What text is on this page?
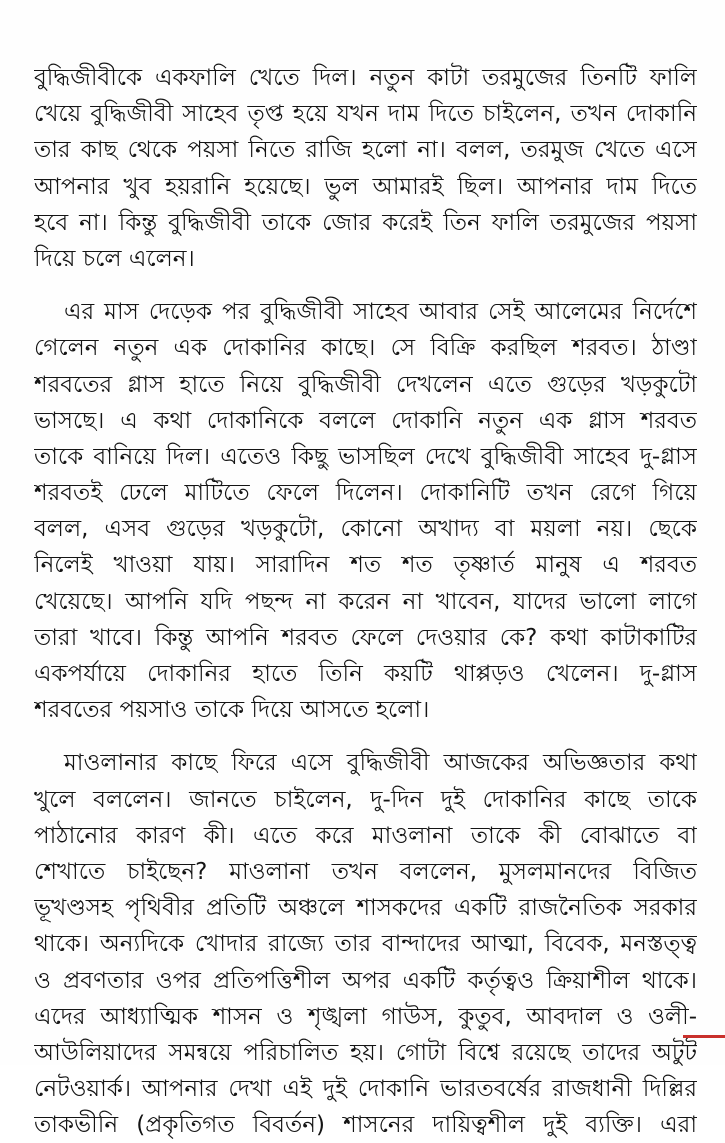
বুদ্ধিজীবীকে একফালি খেতে দিল। নতুন কাটা তরমুজের তিনটি ফালি
খেয়ে বুদ্ধিজীবী সাহেব তৃপ্ত হয়ে যখন দাম দিতে চাইলেন, তখন দোকানি
তার কাছ থেকে পয়সা নিতে রাজি হলো না। বলল, তরমুজ খেতে এসে
আপনার খুব হয়রানি হয়েছে। ভুল আমারই ছিল। আপনার দাম দিতে
হবে না। কিন্তু বুদ্ধিজীবী তাকে জোর করেই তিন ফালি তরমুজের পয়সা
দিয়ে চলে এলেন।
এর মাস দেড়েক পর বুদ্ধিজীবী সাহেব আবার সেই আলেমের নির্দেশে
গেলেন নতুন এক দোকানির কাছে। সে বিক্রি করছিল শরবত। ঠাণ্ডা
শরবতের গ্লাস হাতে নিয়ে বুদ্ধিজীবী দেখলেন এতে গুড়ের খড়কুটো
ভাসছে। এ কথা দোকানিকে বললে দোকানি নতুন এক গ্লাস শরবত
তাকে বানিয়ে দিল। এতেও কিছু ভাসছিল দেখে বুদ্ধিজীবী সাহেব দু-গ্লাস
শরবতই ঢেলে মাটিতে ফেলে দিলেন। দোকানিটি তখন রেগে গিয়ে
বলল, এসব গুড়ের খড়কুটো, কোনো অখাদ্য বা ময়লা নয়। ছেকে
নিলেই খাওয়া যায়। সারাদিন শত শত তৃষ্ণার্ত মানুষ এ শরবত
খেয়েছে। আপনি যদি পছন্দ না করেন না খাবেন, যাদের ভালো লাগে
তারা খাবে। কিন্তু আপনি শরবত ফেলে দেওয়ার কে? কথা কাটাকাটির
একপর্যায়ে দোকানির হাতে তিনি কয়টি থাপ্পড়ও খেলেন। দু-গ্লাস
শরবতের পয়সাও তাকে দিয়ে আসতে হলো।
মাওলানার কাছে ফিরে এসে বুদ্ধিজীবী আজকের অভিজ্ঞতার কথা
খুলে বললেন। জানতে চাইলেন, দু-দিন দুই দোকানির কাছে তাকে
পাঠানোর কারণ কী। এতে করে মাওলানা তাকে কী বোঝাতে বা
শেখাতে চাইছেন? মাওলানা তখন বললেন, মুসলমানদের বিজিত
ভূখণ্ডসহ পৃথিবীর প্রতিটি অঞ্চলে শাসকদের একটি রাজনৈতিক সরকার
থাকে। অন্যদিকে খোদার রাজ্যে তার বান্দাদের আত্মা, বিবেক, মনস্তত্ত্ব
ও প্রবণতার ওপর প্রতিপত্তিশীল অপর একটি কর্তৃত্বও ক্রিয়াশীল থাকে।
এদের আধ্যাত্মিক শাসন ও শৃঙ্খলা গাউস, কুতুব, আবদাল ও ওলী-
আউলিয়াদের সমন্বয়ে পরিচালিত হয়। গোটা বিশ্বে রয়েছে তাদের অটুট
নেটওয়ার্ক। আপনার দেখা এই দুই দোকানি ভারতবর্ষের রাজধানী দিল্লির
তাকভীনি (প্রকৃতিগত বিবর্তন) শাসনের দায়িত্বশীল দুই ব্যক্তি। এরা
